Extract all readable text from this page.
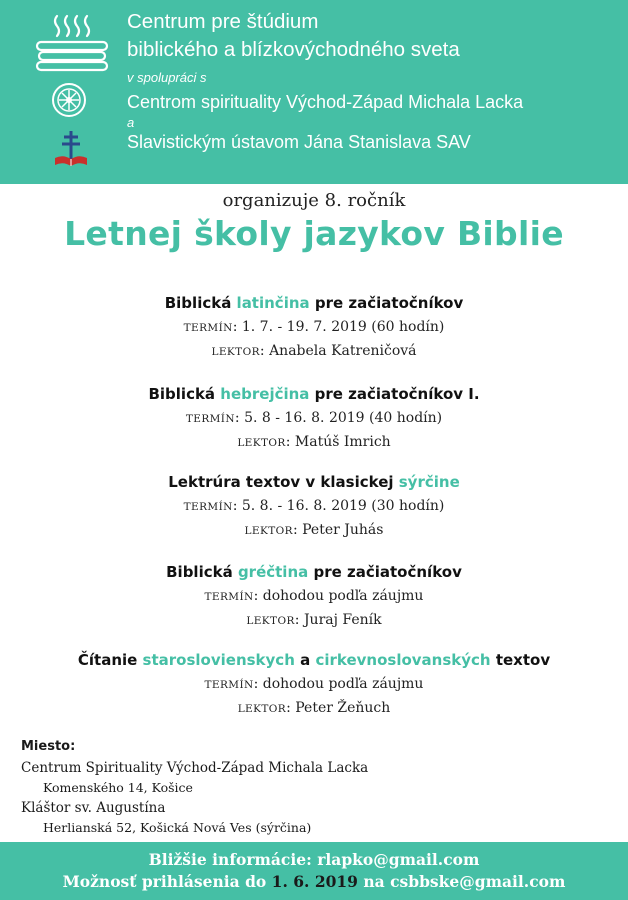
Centrum pre štúdium
biblického a blízkovýchodného sveta
v spolupráci s
Centrom spirituality Východ-Západ Michala Lacka
a
Slavistickým ústavom Jána Stanislava SAV
organizuje 8. ročník
Letnej školy jazykov Biblie
Biblická latinčina pre začiatočníkov
TERMÍN: 1. 7. - 19. 7. 2019 (60 hodín)
LEKTOR: Anabela Katreničová
Biblická hebrejčina pre začiatočníkov I.
TERMÍN: 5. 8 - 16. 8. 2019 (40 hodín)
LEKTOR: Matúš Imrich
Lektrúra textov v klasickej sýrčine
TERMÍN: 5. 8. - 16. 8. 2019 (30 hodín)
LEKTOR: Peter Juhás
Biblická gréčtina pre začiatočníkov
TERMÍN: dohodou podľa záujmu
LEKTOR: Juraj Feník
Čítanie staroslovienskych a cirkevnoslovanských textov
TERMÍN: dohodou podľa záujmu
LEKTOR: Peter Žeňuch
Miesto:
Centrum Spirituality Východ-Západ Michala Lacka
Komenského 14, Košice
Kláštor sv. Augustína
Herlianská 52, Košická Nová Ves (sýrčina)
Bližšie informácie: rlapko@gmail.com
Možnosť prihlásenia do 1. 6. 2019 na csbbske@gmail.com
